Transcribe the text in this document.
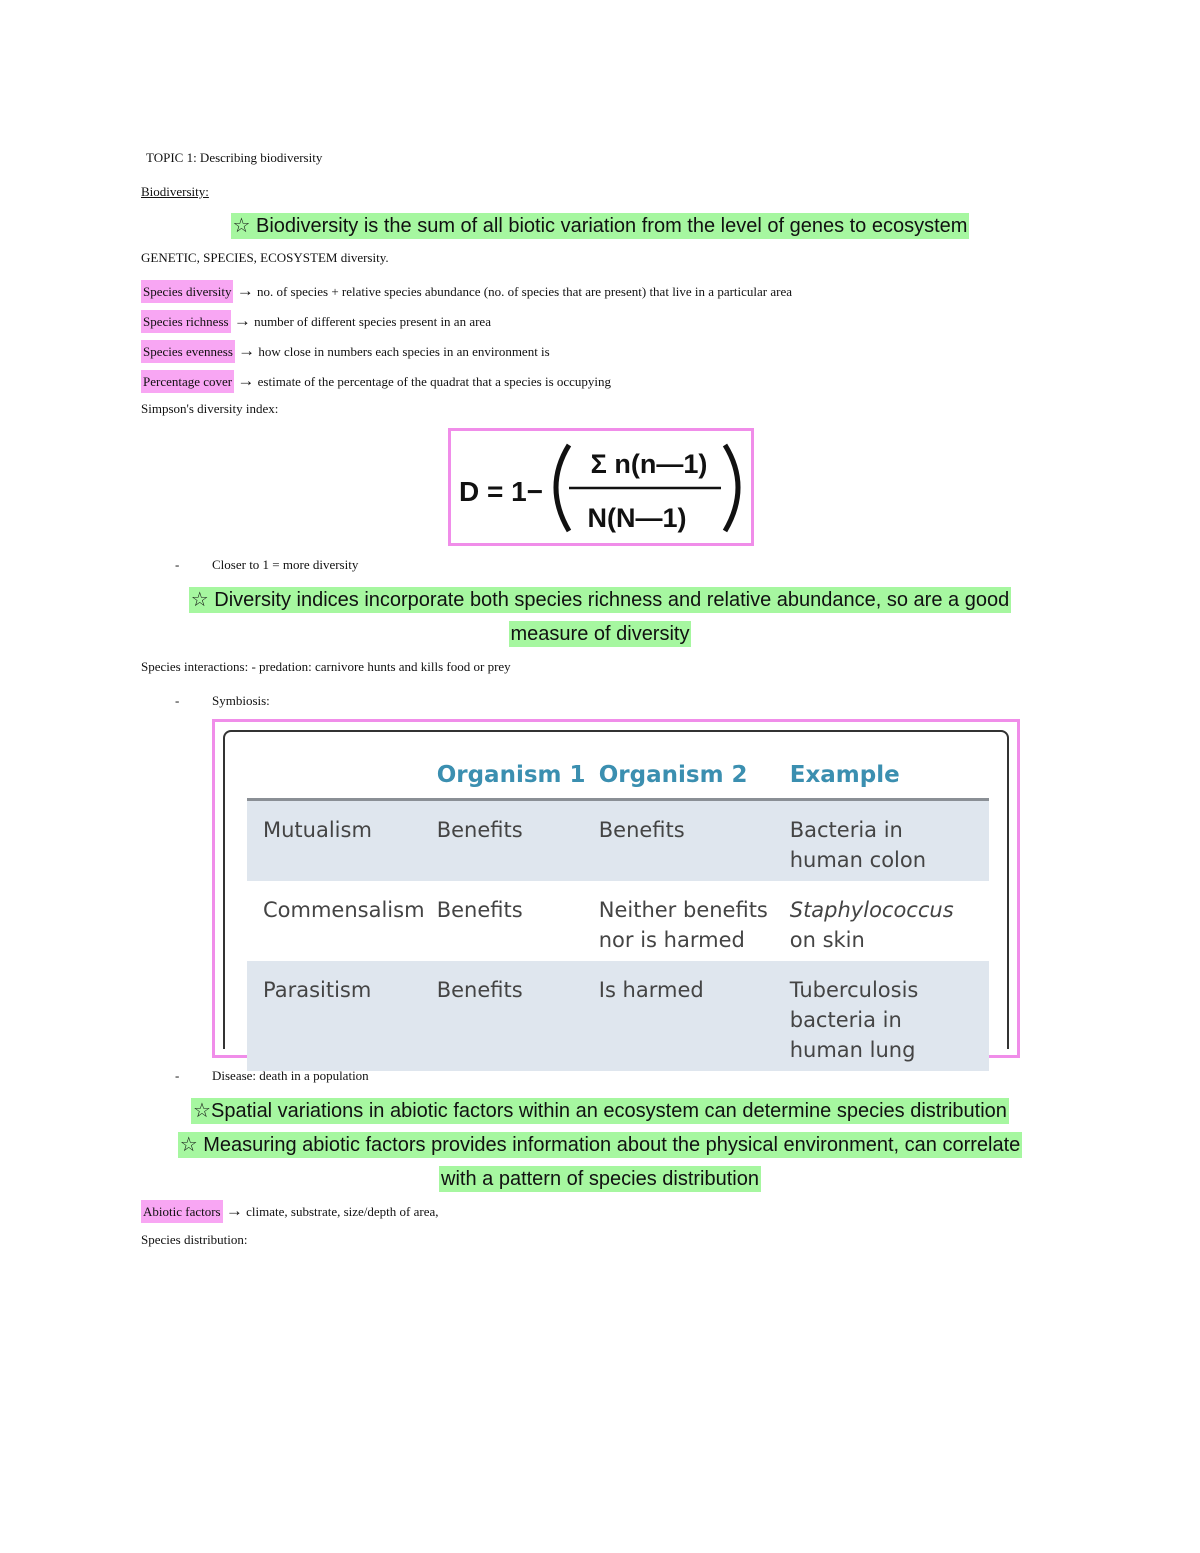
TOPIC 1: Describing biodiversity
Biodiversity:
☆ Biodiversity is the sum of all biotic variation from the level of genes to ecosystem
GENETIC, SPECIES, ECOSYSTEM diversity.
Species diversity → no. of species + relative species abundance (no. of species that are present) that live in a particular area
Species richness → number of different species present in an area
Species evenness → how close in numbers each species in an environment is
Percentage cover → estimate of the percentage of the quadrat that a species is occupying
Simpson's diversity index:
D = 1−
Σ n(n—1)
N(N—1)
-	Closer to 1 = more diversity
☆ Diversity indices incorporate both species richness and relative abundance, so are a good
measure of diversity
Species interactions: - predation: carnivore hunts and kills food or prey
-	Symbiosis:
	Organism 1	Organism 2	Example
Mutualism	Benefits	Benefits	Bacteria in
human colon
Commensalism	Benefits	Neither benefits
nor is harmed	Staphylococcus
on skin
Parasitism	Benefits	Is harmed	Tuberculosis
bacteria in
human lung
-	Disease: death in a population
☆Spatial variations in abiotic factors within an ecosystem can determine species distribution
☆ Measuring abiotic factors provides information about the physical environment, can correlate
with a pattern of species distribution
Abiotic factors → climate, substrate, size/depth of area,
Species distribution:
